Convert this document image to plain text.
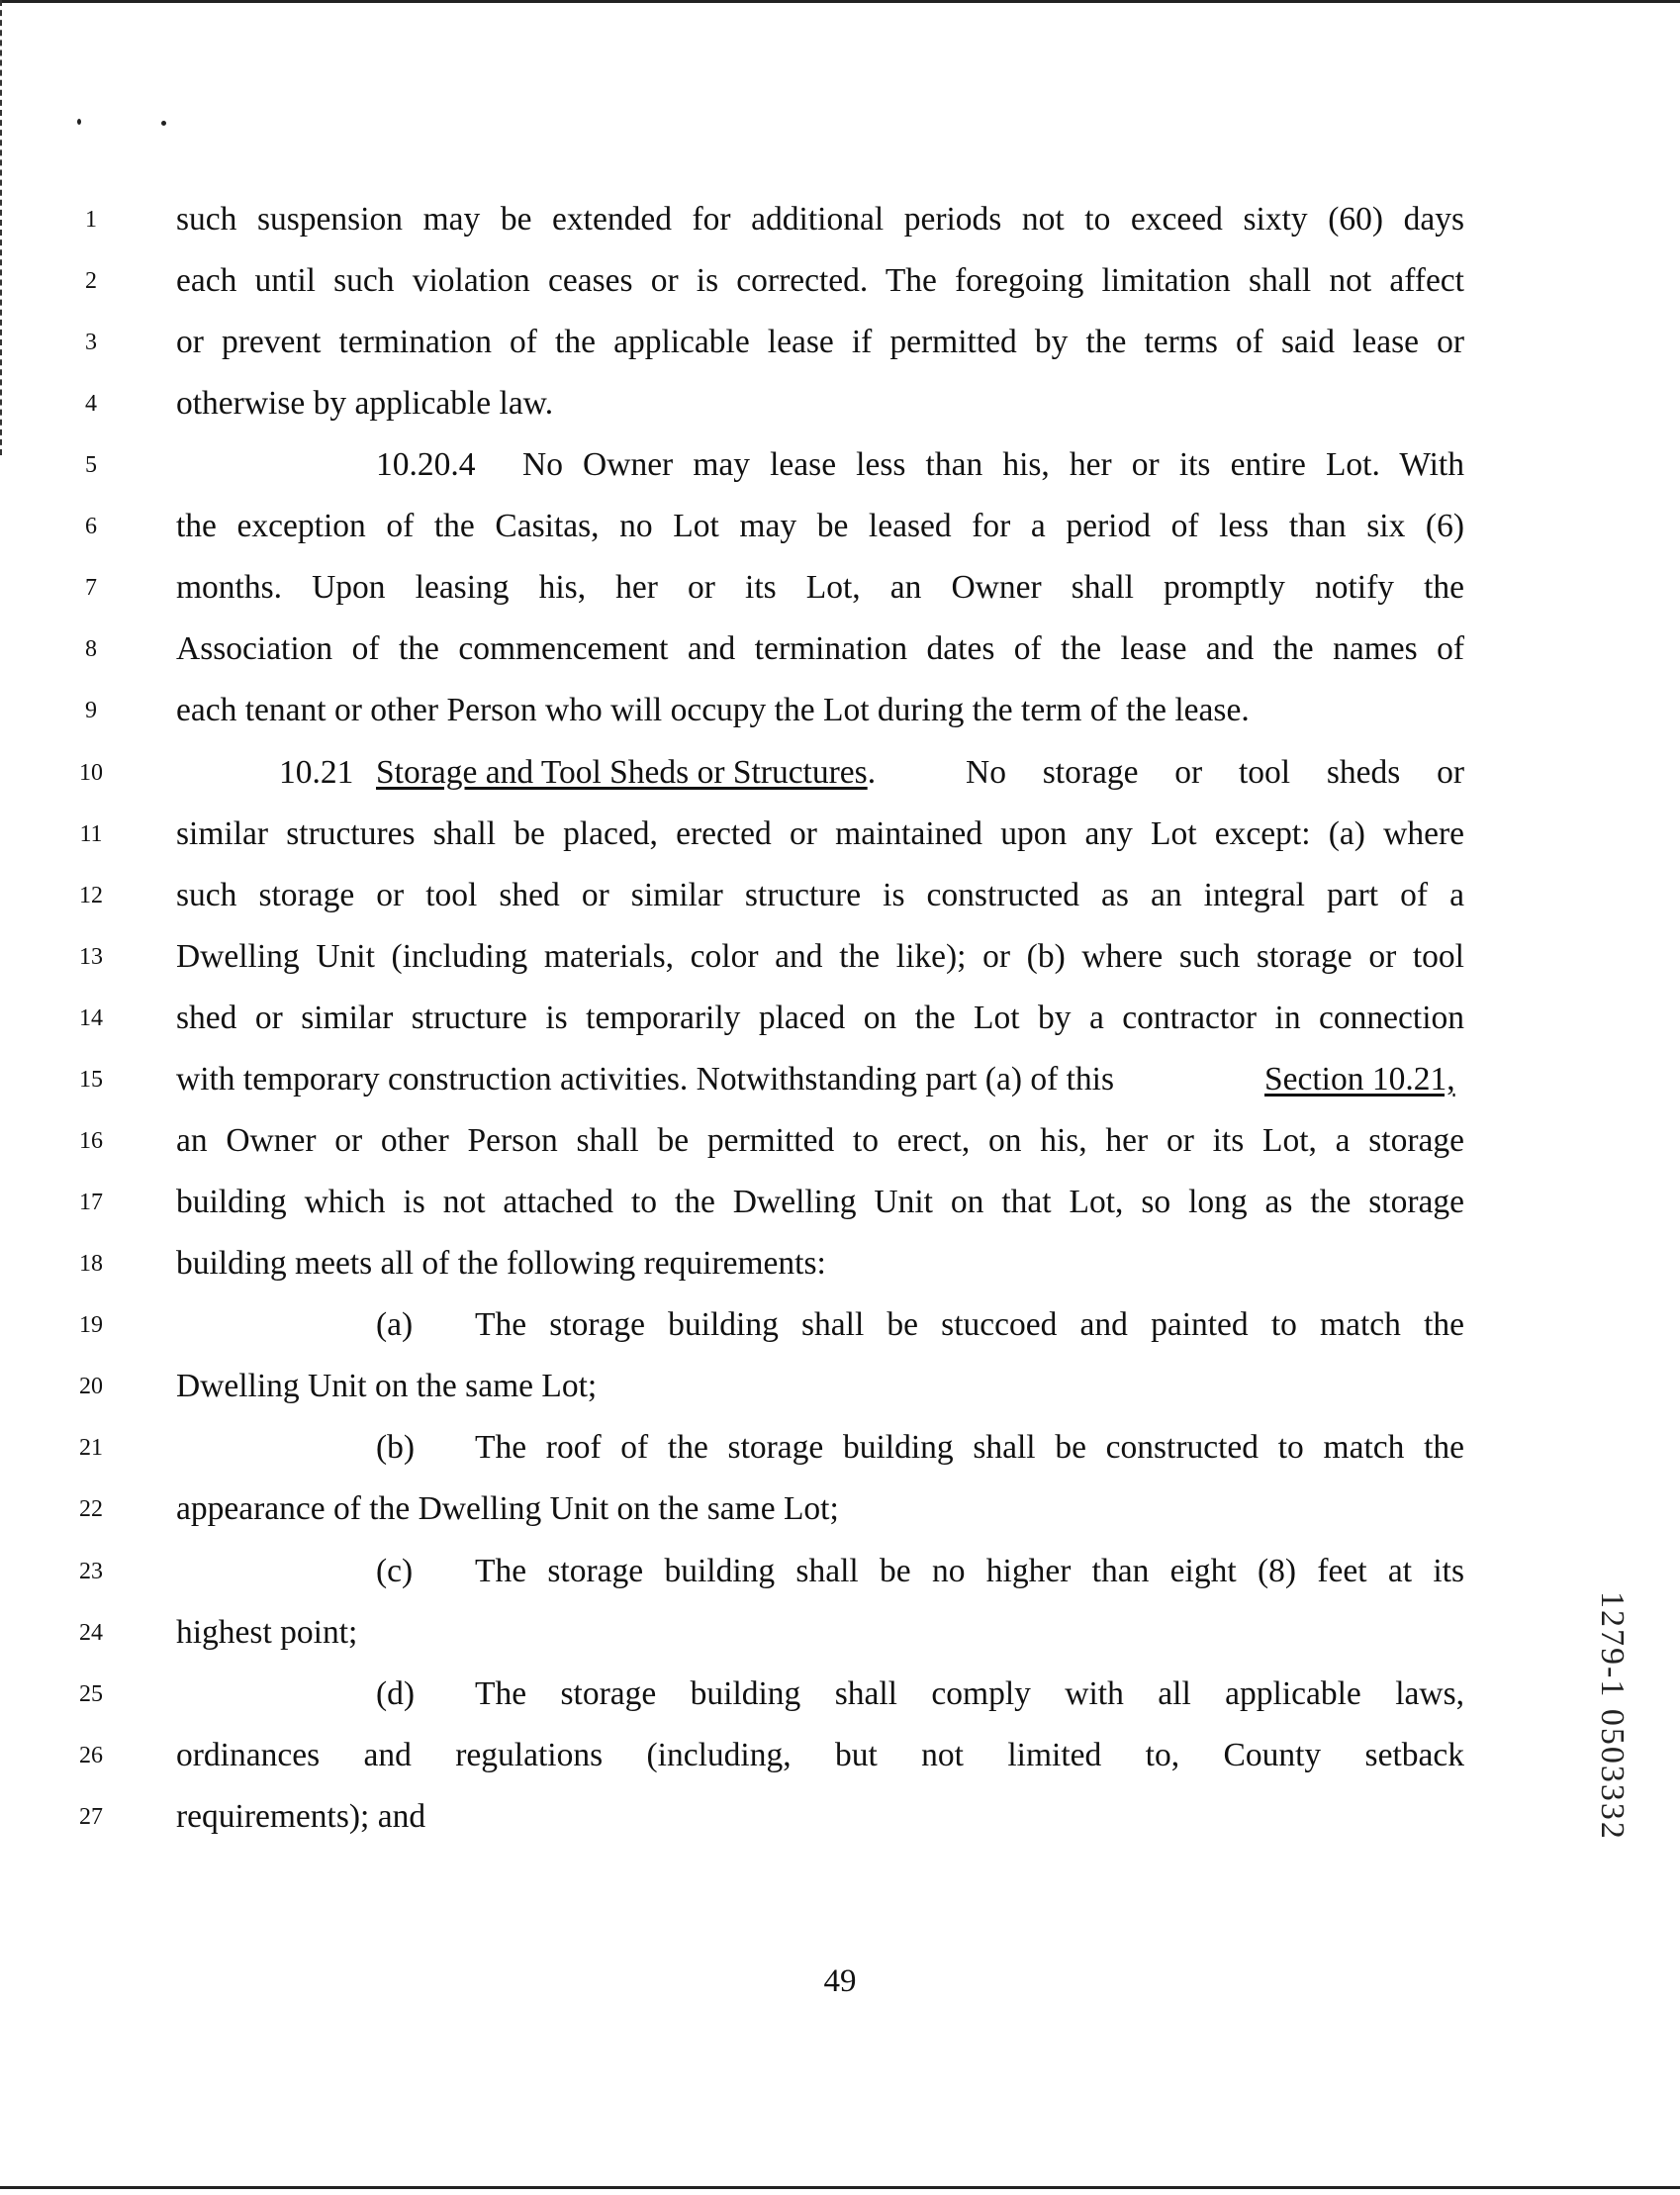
1
2
3
4
5
6
7
8
9
10
11
12
13
14
15
16
17
18
19
20
21
22
23
24
25
26
27
such suspension may be extended for additional periods not to exceed sixty (60) days
each until such violation ceases or is corrected. The foregoing limitation shall not affect
or prevent termination of the applicable lease if permitted by the terms of said lease or
otherwise by applicable law.
10.20.4 No Owner may lease less than his, her or its entire Lot. With
the exception of the Casitas, no Lot may be leased for a period of less than six (6)
months. Upon leasing his, her or its Lot, an Owner shall promptly notify the
Association of the commencement and termination dates of the lease and the names of
each tenant or other Person who will occupy the Lot during the term of the lease.
10.21 Storage and Tool Sheds or Structures.	No storage or tool sheds or
similar structures shall be placed, erected or maintained upon any Lot except: (a) where
such storage or tool shed or similar structure is constructed as an integral part of a
Dwelling Unit (including materials, color and the like); or (b) where such storage or tool
shed or similar structure is temporarily placed on the Lot by a contractor in connection
with temporary construction activities. Notwithstanding part (a) of this	Section 10.21,
an Owner or other Person shall be permitted to erect, on his, her or its Lot, a storage
building which is not attached to the Dwelling Unit on that Lot, so long as the storage
building meets all of the following requirements:
(a) The storage building shall be stuccoed and painted to match the
Dwelling Unit on the same Lot;
(b) The roof of the storage building shall be constructed to match the
appearance of the Dwelling Unit on the same Lot;
(c) The storage building shall be no higher than eight (8) feet at its
highest point;
(d) The storage building shall comply with all applicable laws,
ordinances and regulations (including, but not limited to, County setback
requirements); and
49
1279-1 0503332
